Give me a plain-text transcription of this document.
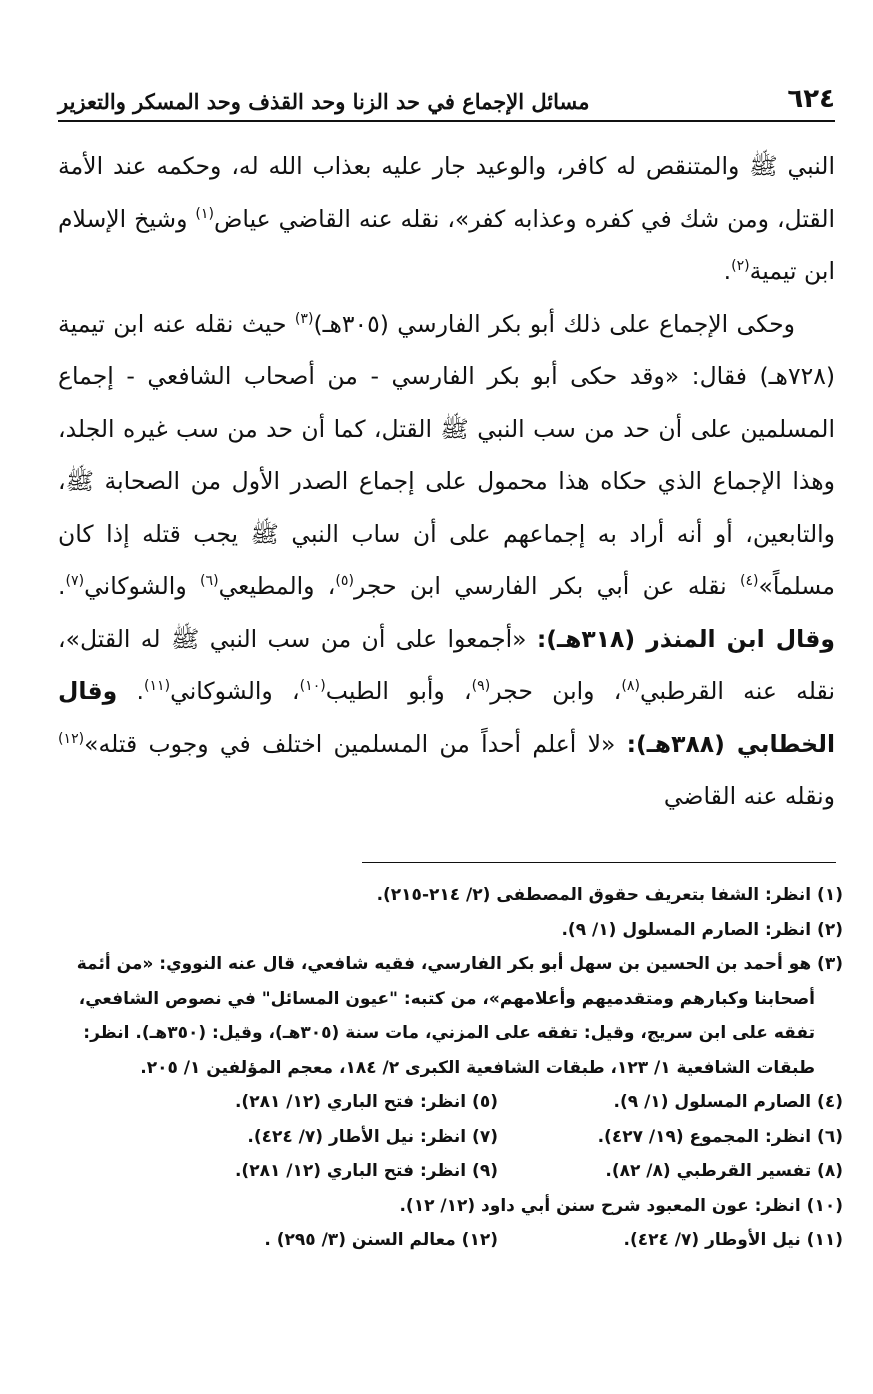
٦٢٤
مسائل الإجماع في حد الزنا وحد القذف وحد المسكر والتعزير

النبي ﷺ والمتنقص له كافر، والوعيد جار عليه بعذاب الله له، وحكمه عند الأمة القتل، ومن شك في كفره وعذابه كفر»، نقله عنه القاضي عياض$^{(١)}$ وشيخ الإسلام ابن تيمية$^{(٢)}$.

وحكى الإجماع على ذلك أبو بكر الفارسي (٣٠٥هـ)$^{(٣)}$ حيث نقله عنه ابن تيمية (٧٢٨هـ) فقال: «وقد حكى أبو بكر الفارسي - من أصحاب الشافعي - إجماع المسلمين على أن حد من سب النبي ﷺ القتل، كما أن حد من سب غيره الجلد، وهذا الإجماع الذي حكاه هذا محمول على إجماع الصدر الأول من الصحابة ﷺ، والتابعين، أو أنه أراد به إجماعهم على أن ساب النبي ﷺ يجب قتله إذا كان مسلماً»$^{(٤)}$ نقله عن أبي بكر الفارسي ابن حجر$^{(٥)}$، والمطيعي$^{(٦)}$ والشوكاني$^{(٧)}$. وقال ابن المنذر (٣١٨هـ): «أجمعوا على أن من سب النبي ﷺ له القتل»، نقله عنه القرطبي$^{(٨)}$، وابن حجر$^{(٩)}$، وأبو الطيب$^{(١٠)}$، والشوكاني$^{(١١)}$. وقال الخطابي (٣٨٨هـ): «لا أعلم أحداً من المسلمين اختلف في وجوب قتله»$^{(١٢)}$ ونقله عنه القاضي

(١) انظر: الشفا بتعريف حقوق المصطفى (٢/ ٢١٤-٢١٥).
(٢) انظر: الصارم المسلول (١/ ٩).
(٣) هو أحمد بن الحسين بن سهل أبو بكر الفارسي، فقيه شافعي، قال عنه النووي: «من أئمة
أصحابنا وكبارهم ومتقدميهم وأعلامهم»، من كتبه: "عيون المسائل" في نصوص الشافعي،
تفقه على ابن سريج، وقيل: تفقه على المزني، مات سنة (٣٠٥هـ)، وقيل: (٣٥٠هـ). انظر:
طبقات الشافعية ١/ ١٢٣، طبقات الشافعية الكبرى ٢/ ١٨٤، معجم المؤلفين ١/ ٢٠٥.
(٤) الصارم المسلول (١/ ٩).
(٥) انظر: فتح الباري (١٢/ ٢٨١).
(٦) انظر: المجموع (١٩/ ٤٢٧).
(٧) انظر: نيل الأطار (٧/ ٤٢٤).
(٨) تفسير القرطبي (٨/ ٨٢).
(٩) انظر: فتح الباري (١٢/ ٢٨١).
(١٠) انظر: عون المعبود شرح سنن أبي داود (١٢/ ١٢).
(١١) نيل الأوطار (٧/ ٤٢٤).
(١٢) معالم السنن (٣/ ٢٩٥) .
